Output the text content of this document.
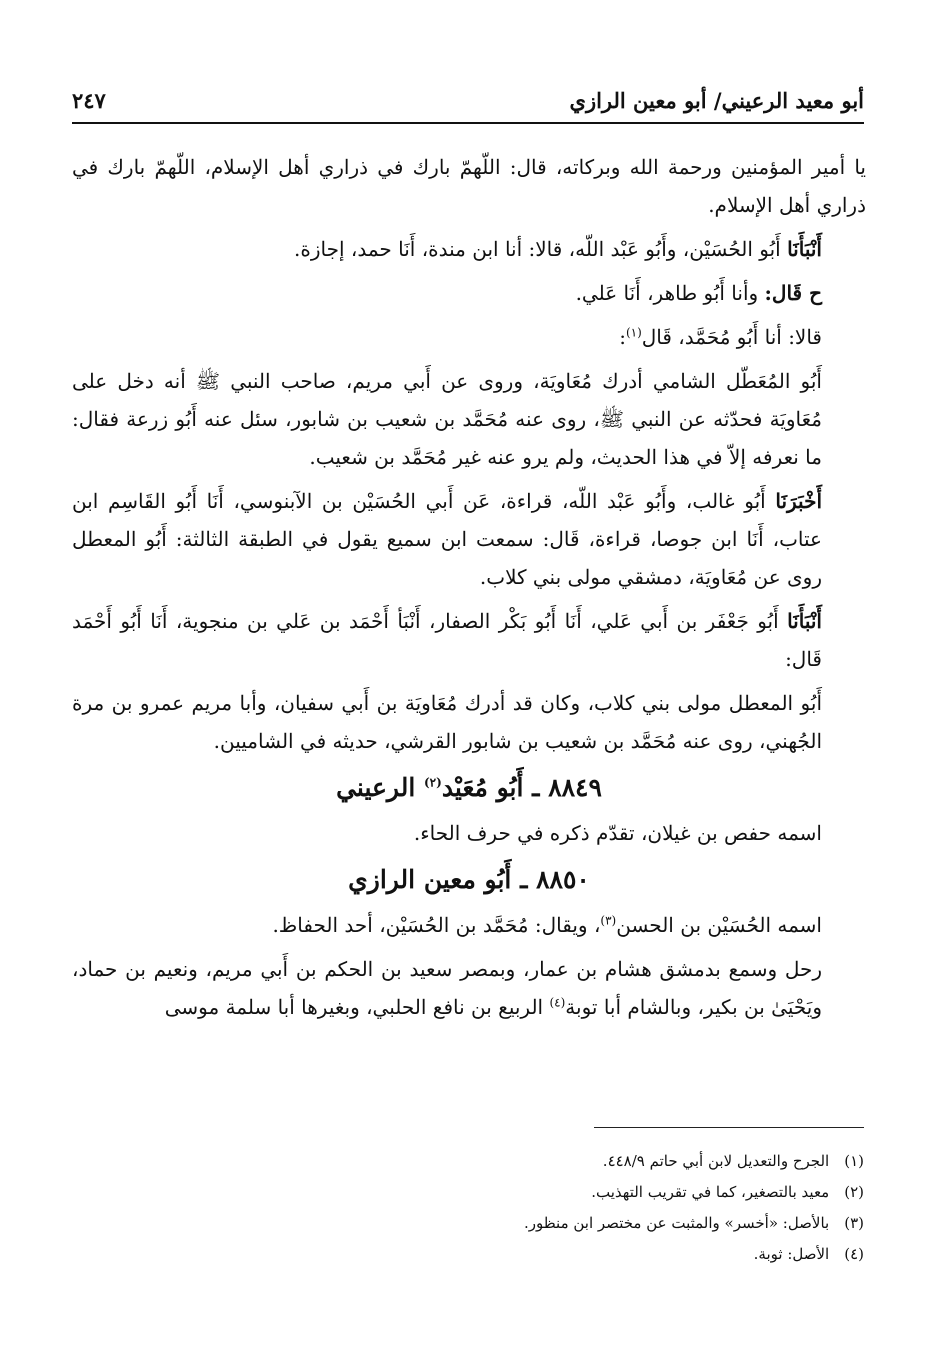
أبو معيد الرعيني/ أبو معين الرازي
٢٤٧

يا أمير المؤمنين ورحمة الله وبركاته، قال: اللّهمّ بارك في ذراري أهل الإسلام، اللّهمّ بارك في ذراري أهل الإسلام.

أَنْبَأَنَا أَبُو الحُسَيْن، وأَبُو عَبْد اللّه، قالا: أنا ابن مندة، أَنَا حمد، إجازة.

ح قَال: وأنا أَبُو طاهر، أَنَا عَلي.

قالا: أنا أَبُو مُحَمَّد، قَال$^{(١)}$:

أَبُو المُعَطّل الشامي أدرك مُعَاويَة، وروى عن أَبي مريم، صاحب النبي ﷺ أنه دخل على مُعَاويَة فحدّثه عن النبي ﷺ، روى عنه مُحَمَّد بن شعيب بن شابور، سئل عنه أَبُو زرعة فقال: ما نعرفه إلاّ في هذا الحديث، ولم يرو عنه غير مُحَمَّد بن شعيب.

أَخْبَرَنَا أَبُو غالب، وأَبُو عَبْد اللّه، قراءة، عَن أَبي الحُسَيْن بن الآبنوسي، أَنَا أَبُو القَاسِم ابن عتاب، أَنَا ابن جوصا، قراءة، قَال: سمعت ابن سميع يقول في الطبقة الثالثة: أَبُو المعطل روى عن مُعَاويَة، دمشقي مولى بني كلاب.

أَنْبَأَنَا أَبُو جَعْفَر بن أَبي عَلي، أَنَا أَبُو بَكْر الصفار، أَنْبَأ أَحْمَد بن عَلي بن منجوية، أَنَا أَبُو أَحْمَد قَال:

أَبُو المعطل مولى بني كلاب، وكان قد أدرك مُعَاويَة بن أَبي سفيان، وأبا مريم عمرو بن مرة الجُهني، روى عنه مُحَمَّد بن شعيب بن شابور القرشي، حديثه في الشاميين.

٨٨٤٩ ـ أَبُو مُعَيْد$^{(٢)}$ الرعيني

اسمه حفص بن غيلان، تقدّم ذكره في حرف الحاء.

٨٨٥٠ ـ أَبُو معين الرازي

اسمه الحُسَيْن بن الحسن$^{(٣)}$، ويقال: مُحَمَّد بن الحُسَيْن، أحد الحفاظ.

رحل وسمع بدمشق هشام بن عمار، وبمصر سعيد بن الحكم بن أَبي مريم، ونعيم بن حماد، ويَحْيَىٰ بن بكير، وبالشام أبا توبة$^{(٤)}$ الربيع بن نافع الحلبي، وبغيرها أبا سلمة موسى

(١) الجرح والتعديل لابن أبي حاتم ٤٤٨/٩.

(٢) معيد بالتصغير، كما في تقريب التهذيب.

(٣) بالأصل: «أخسر» والمثبت عن مختصر ابن منظور.

(٤) الأصل: ثوبة.
